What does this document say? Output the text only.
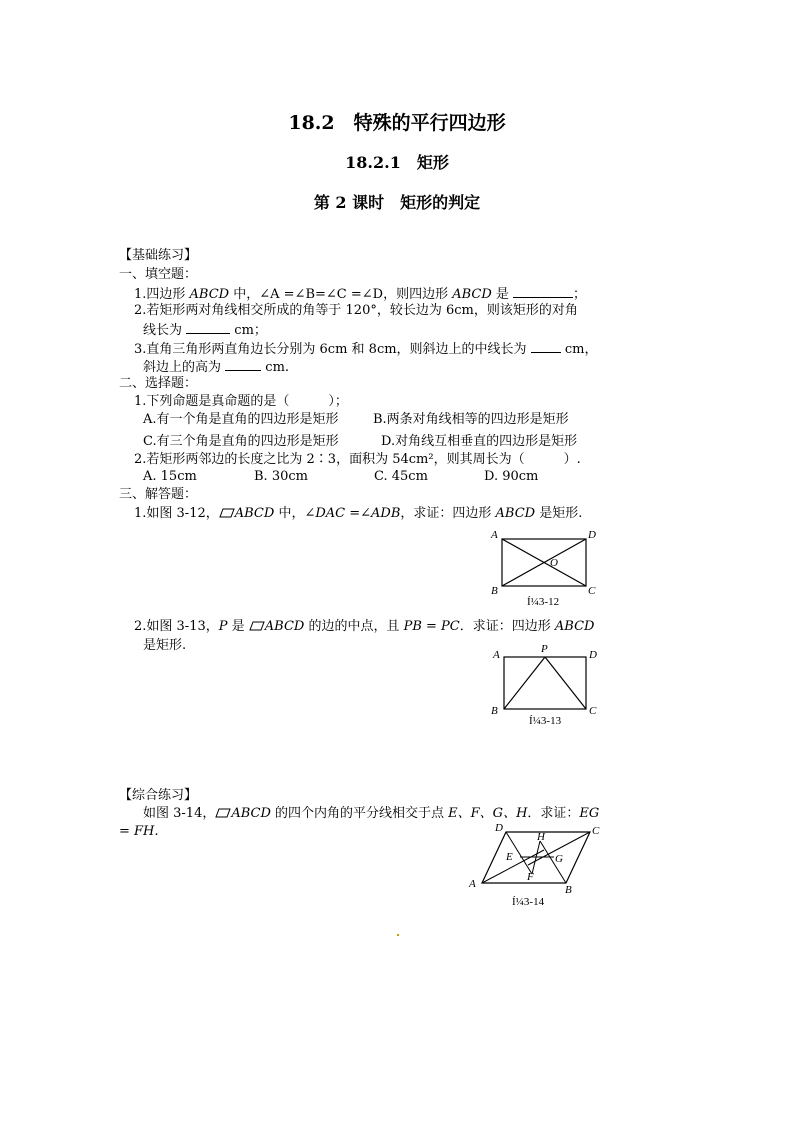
18.2　特殊的平行四边形
18.2.1　矩形
第 2 课时　矩形的判定
【基础练习】
一、填空题：
1.四边形 ABCD 中，∠A =∠B=∠C =∠D，则四边形 ABCD 是	；
2.若矩形两对角线相交所成的角等于 120°，较长边为 6cm，则该矩形的对角
线长为	cm；
3.直角三角形两直角边长分别为 6cm 和 8cm，则斜边上的中线长为	cm，
斜边上的高为	cm.
二、选择题：
1.下列命题是真命题的是（　　　）；
A.有一个角是直角的四边形是矩形	B.两条对角线相等的四边形是矩形
C.有三个角是直角的四边形是矩形	D.对角线互相垂直的四边形是矩形
2.若矩形两邻边的长度之比为 2∶3，面积为 54cm²，则其周长为（　　　）.
A. 15cm	B. 30cm	C. 45cm	D. 90cm
三、解答题：
1.如图 3-12， ABCD 中，∠DAC =∠ADB，求证：四边形 ABCD 是矩形.
A	D
B	C
O
Í¼3-12
2.如图 3-13，P 是 ABCD 的边的中点，且 PB = PC．求证：四边形 ABCD
是矩形.
A	P	D
B	C
Í¼3-13
【综合练习】
如图 3-14， ABCD 的四个内角的平分线相交于点 E、F、G、H．求证：EG
= FH.	D	C
A	B
H
E	G
F
Í¼3-14
